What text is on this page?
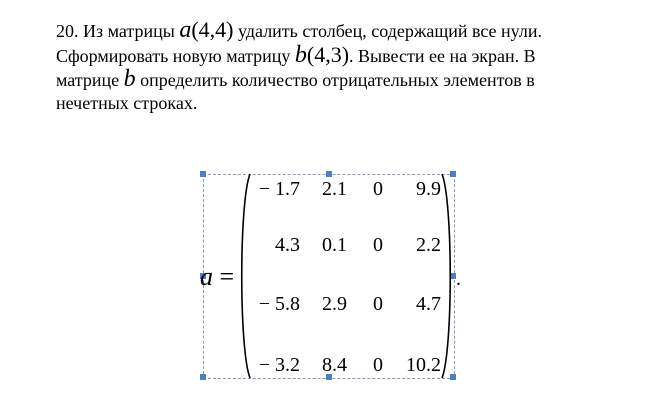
20. Из матрицы a(4,4) удалить столбец, содержащий все нули.
Сформировать новую матрицу b(4,3). Вывести ее на экран. В
матрице b определить количество отрицательных элементов в
нечетных строках.
a =
− 1.7 2.1 0 9.9
4.3 0.1 0 2.2
− 5.8 2.9 0 4.7
− 3.2 8.4 0 10.2
.
